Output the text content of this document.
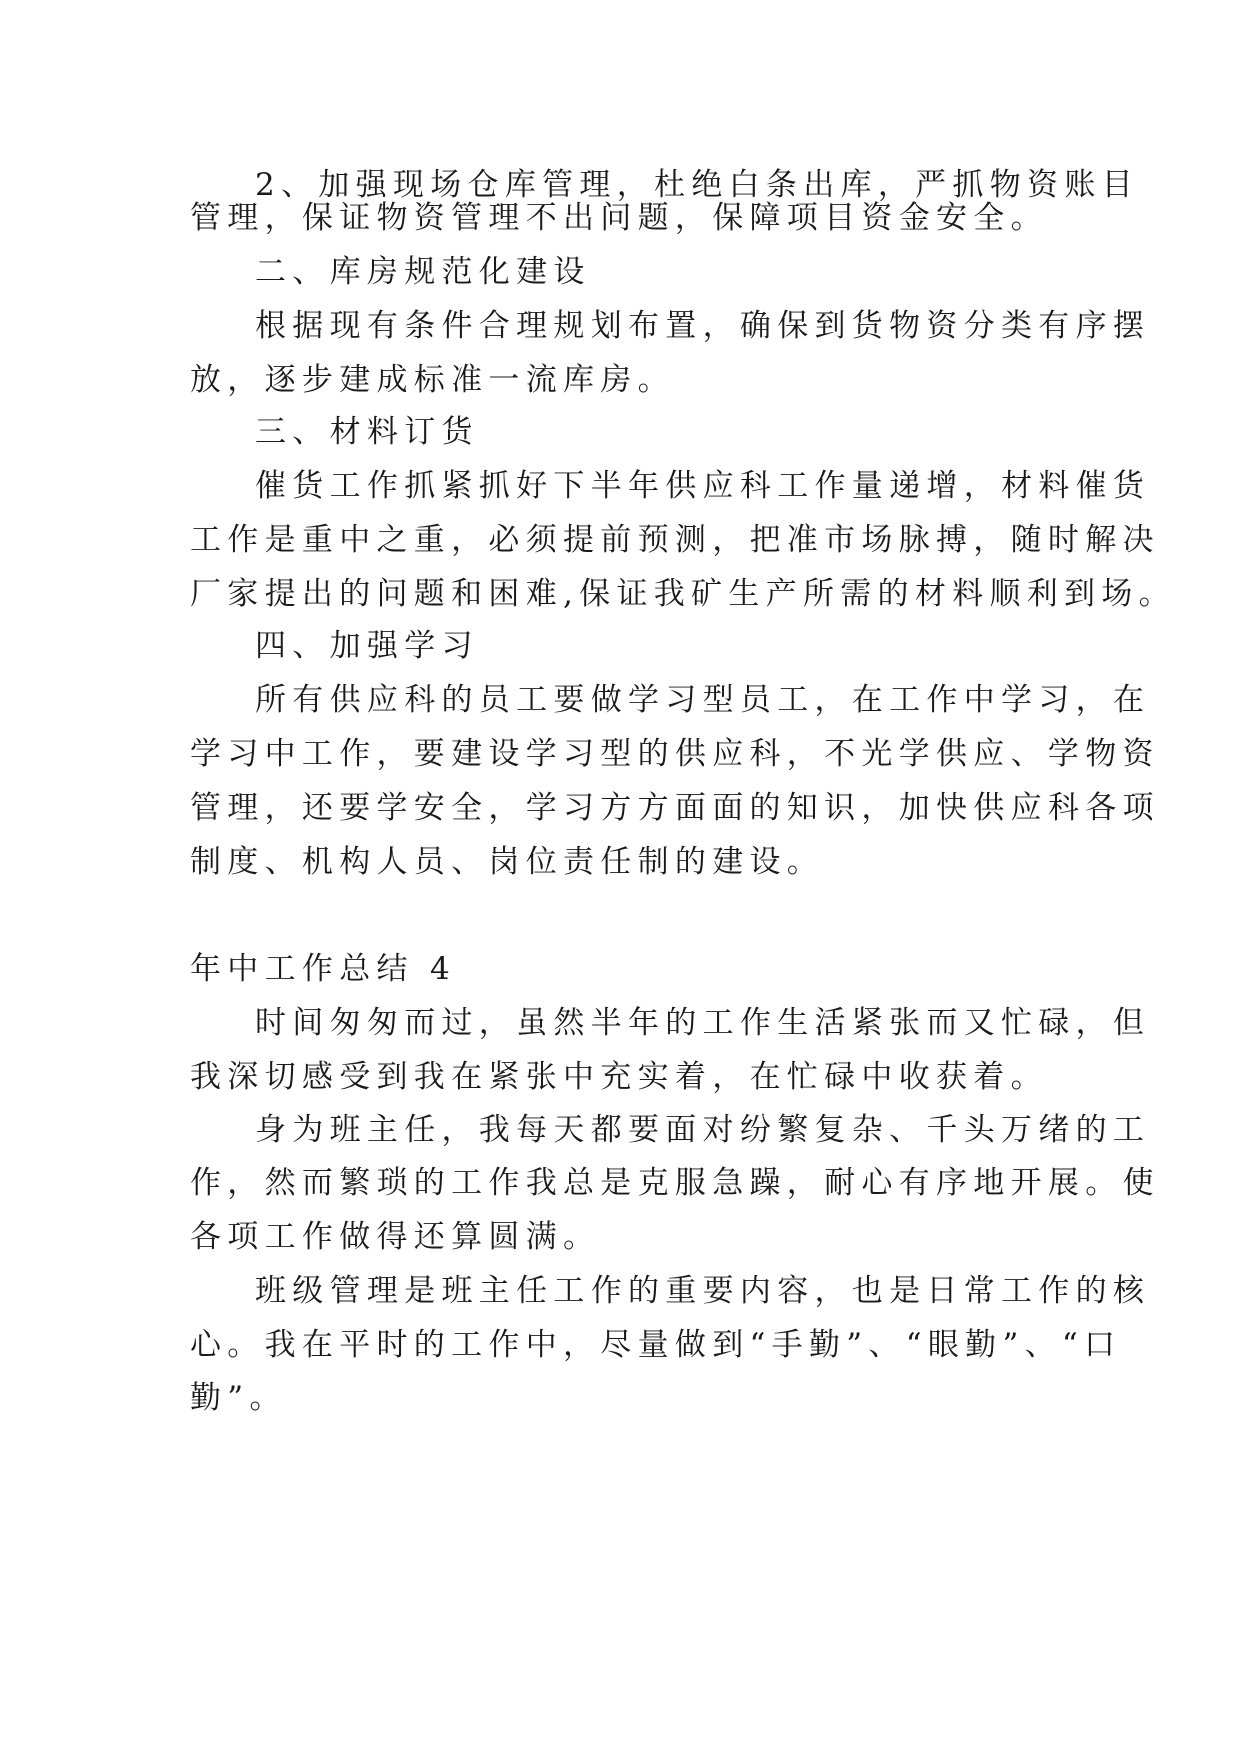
2、加强现场仓库管理，杜绝白条出库，严抓物资账目
管理，保证物资管理不出问题，保障项目资金安全。
二、库房规范化建设
根据现有条件合理规划布置，确保到货物资分类有序摆
放，逐步建成标准一流库房。
三、材料订货
催货工作抓紧抓好下半年供应科工作量递增，材料催货
工作是重中之重，必须提前预测，把准市场脉搏，随时解决
厂家提出的问题和困难,保证我矿生产所需的材料顺利到场。
四、加强学习
所有供应科的员工要做学习型员工，在工作中学习，在
学习中工作，要建设学习型的供应科，不光学供应、学物资
管理，还要学安全，学习方方面面的知识，加快供应科各项
制度、机构人员、岗位责任制的建设。
年中工作总结 4
时间匆匆而过，虽然半年的工作生活紧张而又忙碌，但
我深切感受到我在紧张中充实着，在忙碌中收获着。
身为班主任，我每天都要面对纷繁复杂、千头万绪的工
作，然而繁琐的工作我总是克服急躁，耐心有序地开展。使
各项工作做得还算圆满。
班级管理是班主任工作的重要内容，也是日常工作的核
心。我在平时的工作中，尽量做到“手勤”、“眼勤”、“口
勤”。
